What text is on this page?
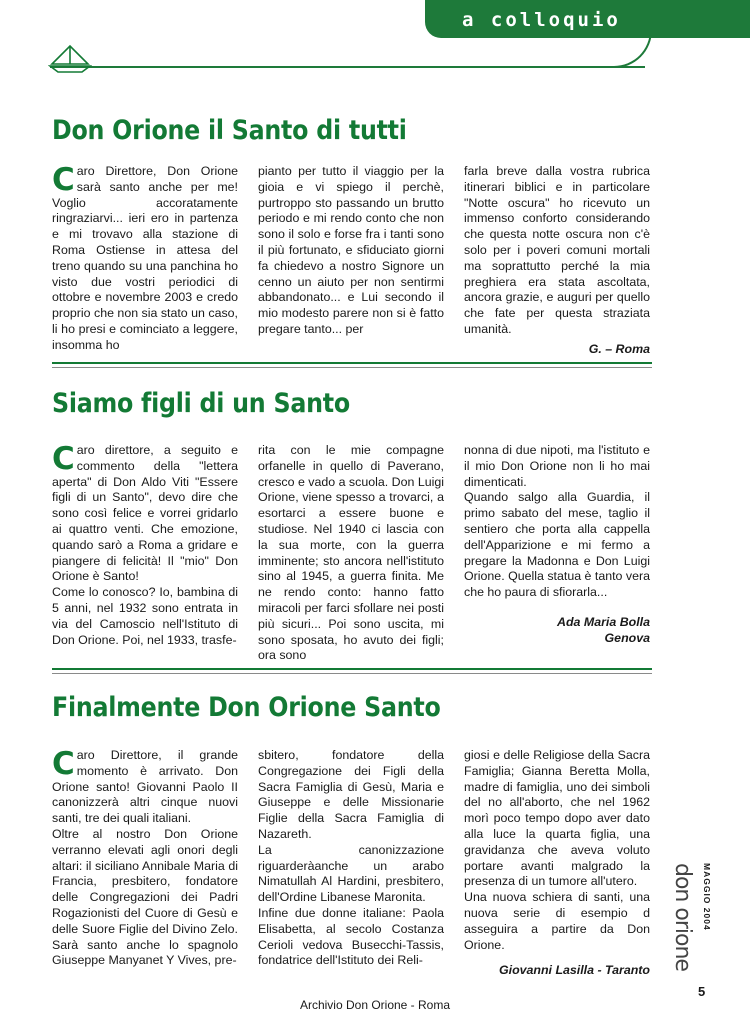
a colloquio
Don Orione il Santo di tutti

Caro Direttore, Don Orione sarà santo anche per me! Voglio accoratamente ringraziarvi... ieri ero in partenza e mi trovavo alla stazione di Roma Ostiense in attesa del treno quando su una panchina ho visto due vostri periodici di ottobre e novembre 2003 e credo proprio che non sia stato un caso, li ho presi e cominciato a leggere, insomma ho

pianto per tutto il viaggio per la gioia e vi spiego il perchè, purtroppo sto passando un brutto periodo e mi rendo conto che non sono il solo e forse fra i tanti sono il più fortunato, e sfiduciato giorni fa chiedevo a nostro Signore un cenno un aiuto per non sentirmi abbandonato... e Lui secondo il mio modesto parere non si è fatto pregare tanto... per

farla breve dalla vostra rubrica itinerari biblici e in particolare "Notte oscura" ho ricevuto un immenso conforto considerando che questa notte oscura non c'è solo per i poveri comuni mortali ma soprattutto perché la mia preghiera era stata ascoltata, ancora grazie, e auguri per quello che fate per questa straziata umanità.

G. – Roma

Siamo figli di un Santo

Caro direttore, a seguito e commento della "lettera aperta" di Don Aldo Viti "Essere figli di un Santo", devo dire che sono così felice e vorrei gridarlo ai quattro venti. Che emozione, quando sarò a Roma a gridare e piangere di felicità! Il "mio" Don Orione è Santo!
Come lo conosco? Io, bambina di 5 anni, nel 1932 sono entrata in via del Camoscio nell'Istituto di Don Orione. Poi, nel 1933, trasfe-

rita con le mie compagne orfanelle in quello di Paverano, cresco e vado a scuola. Don Luigi Orione, viene spesso a trovarci, a esortarci a essere buone e studiose. Nel 1940 ci lascia con la sua morte, con la guerra imminente; sto ancora nell'istituto sino al 1945, a guerra finita. Me ne rendo conto: hanno fatto miracoli per farci sfollare nei posti più sicuri... Poi sono uscita, mi sono sposata, ho avuto dei figli; ora sono

nonna di due nipoti, ma l'istituto e il mio Don Orione non li ho mai dimenticati.
Quando salgo alla Guardia, il primo sabato del mese, taglio il sentiero che porta alla cappella dell'Apparizione e mi fermo a pregare la Madonna e Don Luigi Orione. Quella statua è tanto vera che ho paura di sfiorarla...

Ada Maria Bolla

Genova

Finalmente Don Orione Santo

Caro Direttore, il grande momento è arrivato. Don Orione santo! Giovanni Paolo II canonizzerà altri cinque nuovi santi, tre dei quali italiani.
Oltre al nostro Don Orione verranno elevati agli onori degli altari: il siciliano Annibale Maria di Francia, presbitero, fondatore delle Congregazioni dei Padri Rogazionisti del Cuore di Gesù e delle Suore Figlie del Divino Zelo. Sarà santo anche lo spagnolo Giuseppe Manyanet Y Vives, pre-

sbitero, fondatore della Congregazione dei Figli della Sacra Famiglia di Gesù, Maria e Giuseppe e delle Missionarie Figlie della Sacra Famiglia di Nazareth.
La canonizzazione riguarderàanche un arabo Nimatullah Al Hardini, presbitero, dell'Ordine Libanese Maronita.
Infine due donne italiane: Paola Elisabetta, al secolo Costanza Cerioli vedova Busecchi-Tassis, fondatrice dell'Istituto dei Reli-

giosi e delle Religiose della Sacra Famiglia; Gianna Beretta Molla, madre di famiglia, uno dei simboli del no all'aborto, che nel 1962 morì poco tempo dopo aver dato alla luce la quarta figlia, una gravidanza che aveva voluto portare avanti malgrado la presenza di un tumore all'utero.
Una nuova schiera di santi, una nuova serie di esempio d asseguira a partire da Don Orione.

Giovanni Lasilla - Taranto don orione MAGGIO 2004
5
Archivio Don Orione - Roma
